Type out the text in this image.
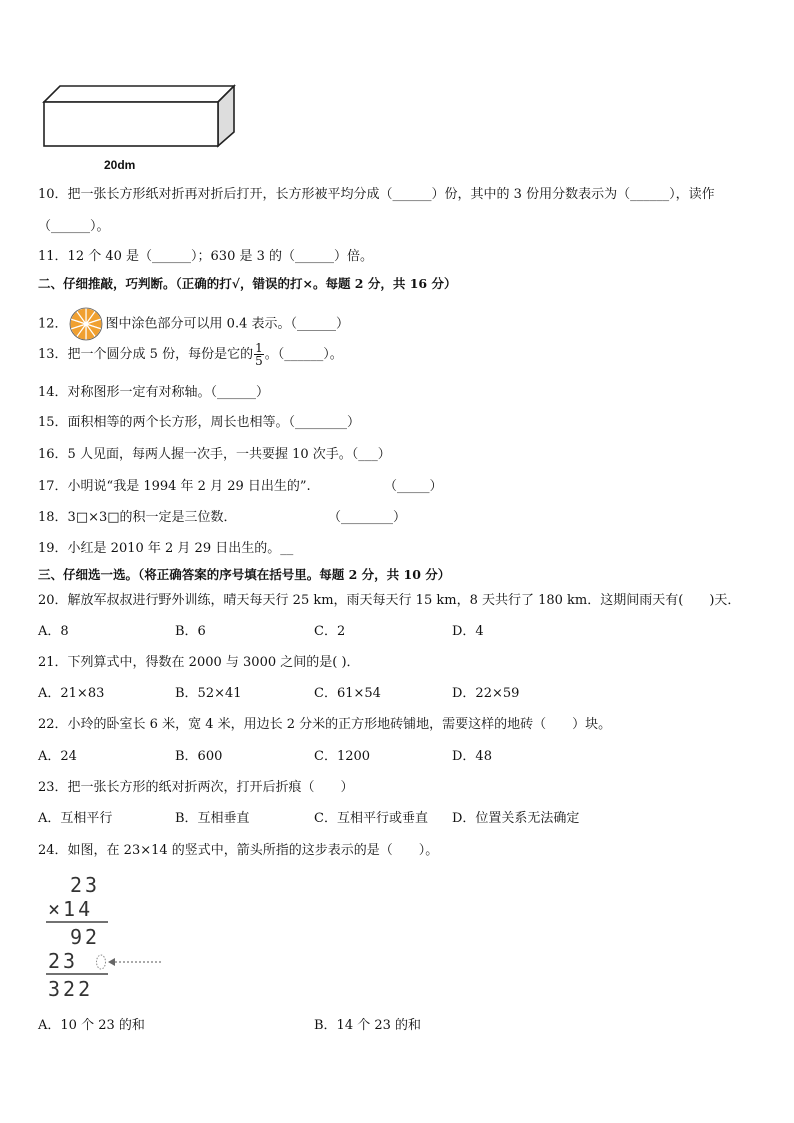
20dm
10．把一张长方形纸对折再对折后打开，长方形被平均分成（______）份，其中的 3 份用分数表示为（______），读作
（______）。
11．12 个 40 是（______）；630 是 3 的（______）倍。
二、仔细推敲，巧判断。（正确的打√，错误的打×。每题 2 分，共 16 分）
12．	图中涂色部分可以用 0.4 表示。（______）
13．把一个圆分成 5 份，每份是它的 $\frac{1}{5}$ 。（______）。
14．对称图形一定有对称轴。（______）
15．面积相等的两个长方形，周长也相等。（________）
16．5 人见面，每两人握一次手，一共要握 10 次手。（___）
17．小明说“我是 1994 年 2 月 29 日出生的”.	（_____）
18．3□×3□的积一定是三位数．	（________）
19．小红是 2010 年 2 月 29 日出生的。__
三、仔细选一选。（将正确答案的序号填在括号里。每题 2 分，共 10 分）
20．解放军叔叔进行野外训练，晴天每天行 25 km，雨天每天行 15 km，8 天共行了 180 km．这期间雨天有(　　)天．
A．8	B．6	C．2	D．4
21．下列算式中，得数在 2000 与 3000 之间的是( )．
A．21×83	B．52×41	C．61×54	D．22×59
22．小玲的卧室长 6 米，宽 4 米，用边长 2 分米的正方形地砖铺地，需要这样的地砖（　　）块。
A．24	B．600	C．1200	D．48
23．把一张长方形的纸对折两次，打开后折痕（　　）
A．互相平行	B．互相垂直	C．互相平行或垂直 D．位置关系无法确定
24．如图，在 23×14 的竖式中，箭头所指的这步表示的是（　　）。
23
×14
92
23
322
A．10 个 23 的和	B．14 个 23 的和
